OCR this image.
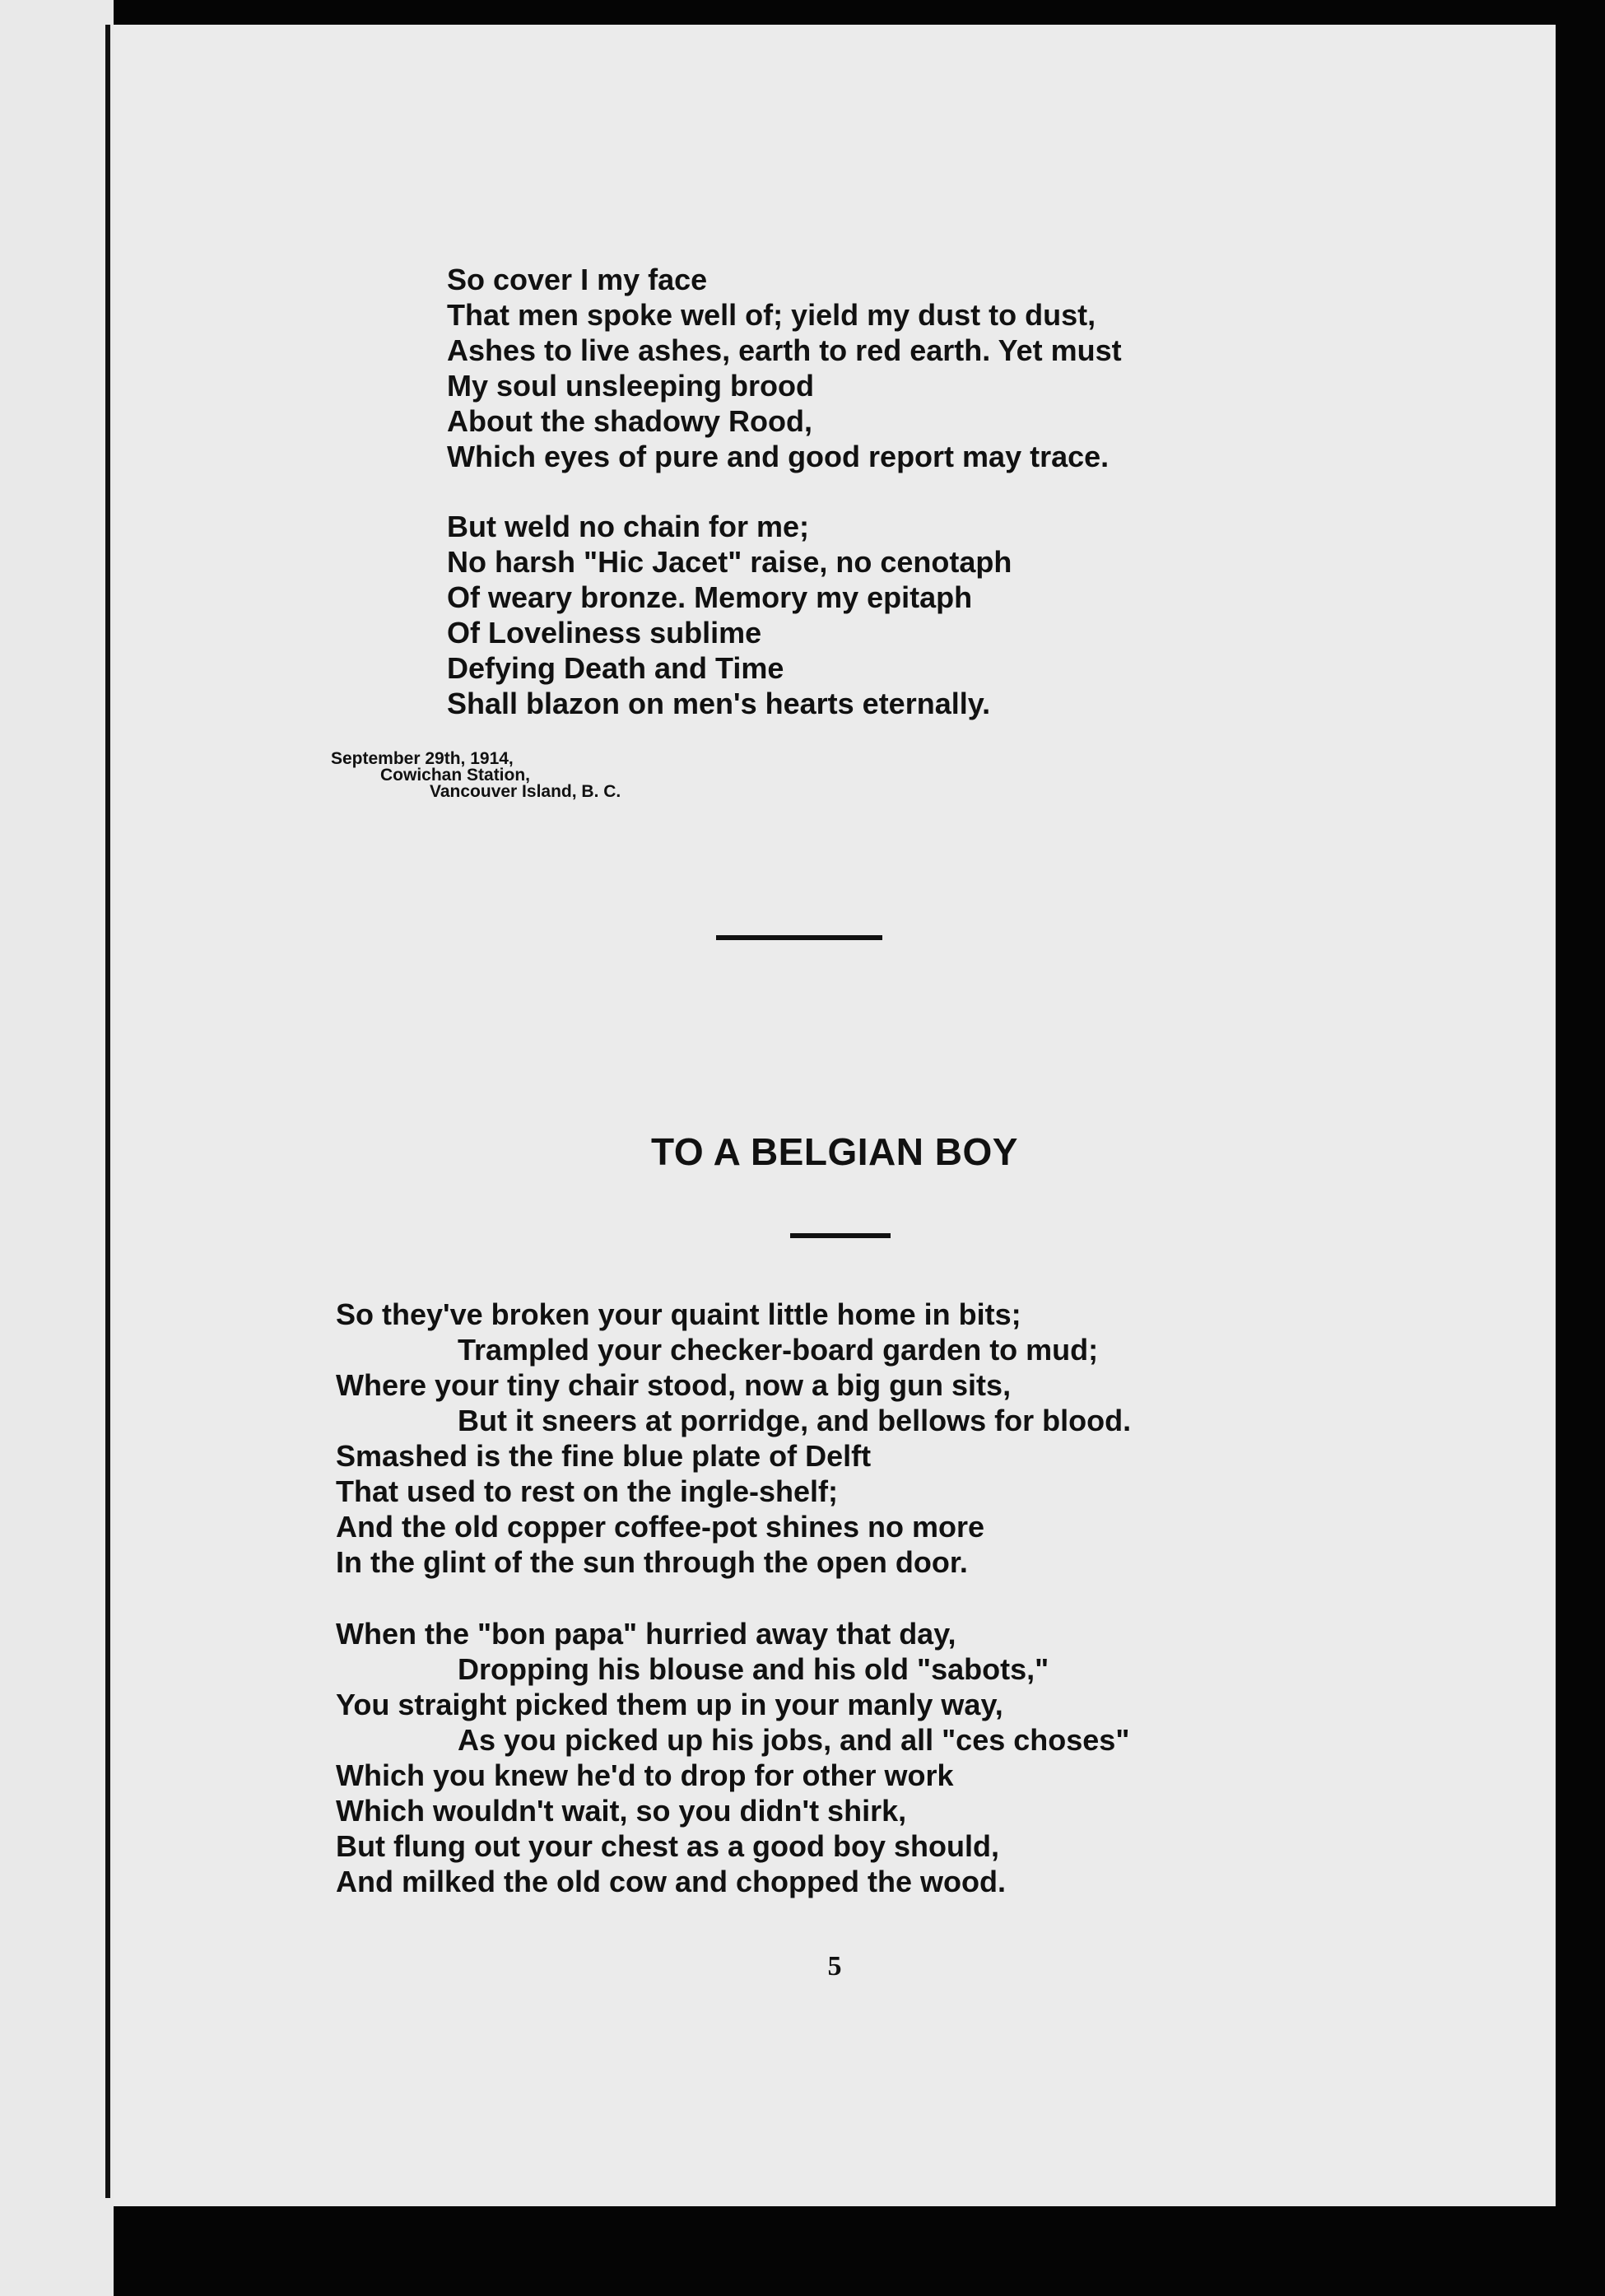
So cover I my face
That men spoke well of; yield my dust to dust,
Ashes to live ashes, earth to red earth. Yet must
My soul unsleeping brood
About the shadowy Rood,
Which eyes of pure and good report may trace.
But weld no chain for me;
No harsh "Hic Jacet" raise, no cenotaph
Of weary bronze. Memory my epitaph
Of Loveliness sublime
Defying Death and Time
Shall blazon on men's hearts eternally.
September 29th, 1914,
Cowichan Station,
Vancouver Island, B. C.
TO A BELGIAN BOY
So they've broken your quaint little home in bits;
Trampled your checker-board garden to mud;
Where your tiny chair stood, now a big gun sits,
But it sneers at porridge, and bellows for blood.
Smashed is the fine blue plate of Delft
That used to rest on the ingle-shelf;
And the old copper coffee-pot shines no more
In the glint of the sun through the open door.
When the "bon papa" hurried away that day,
Dropping his blouse and his old "sabots,"
You straight picked them up in your manly way,
As you picked up his jobs, and all "ces choses"
Which you knew he'd to drop for other work
Which wouldn't wait, so you didn't shirk,
But flung out your chest as a good boy should,
And milked the old cow and chopped the wood.
5
